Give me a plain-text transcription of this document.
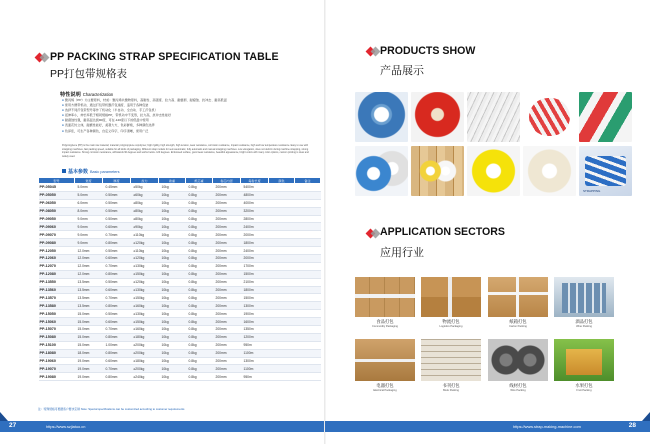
PP PACKING STRAP SPECIFICATION TABLE
PP打包带规格表
特性说明 Characterization
●聚丙烯（PP）为主要原料，材质：聚丙烯共聚物原料，高刚性、高强度、拉力高、耐磨损、耐腐蚀、抗冲击、耐高低温
●使用方便带机动，通过打包带机器打包速度、适用于各种包装
●选择不同打包带型号等作了机动化（半自动、全自动、手工打包机）
●延伸率小，伸长率低于相同规格PP，带机动中不变形，拉力高，抗冲击性能好
●耐腐蚀性强，耐高温达到90度，可在-120度以下的低温中使用
●表面花纹立体，耐磨性能好，美观大方，色彩鲜艳，多种颜色选择
●色泽佳，可生产各种颜色，自定义印字，印字清晰，使用广泛
Polypropylene (PP) is the main raw material; material: polypropylene copolymer, high rigidity, high strength, high tension, wear resistance, corrosion resistance, impact resistance, high and low temperature resistance. Easy to use with strapping machines, fast packing speed, suitable for all kinds of packaging. Different strap models for semi-automatic, fully automatic and manual strapping machines. Low elongation, does not deform during machine strapping, strong impact resistance. Strong corrosion resistance, withstands 90 degrees and works below -120 degrees. Embossed surface, good wear resistance, beautiful appearance, bright colors with many color options, custom printing is clear and widely used.
基本参数 Basic parameters
型号	宽度	厚度	拉力	卷重	纸芯重	卷芯内径	每卷长度	颜色	备注
PP-05045	5.0mm	0.45mm	≥50kg	10kg	0.8kg	200mm	5400m		
PP-05050	5.0mm	0.50mm	≥60kg	10kg	0.8kg	200mm	4800m		
PP-06050	6.0mm	0.50mm	≥80kg	10kg	0.8kg	200mm	4000m		
PP-08050	8.0mm	0.50mm	≥80kg	10kg	0.8kg	200mm	3200m		
PP-09050	9.0mm	0.50mm	≥80kg	10kg	0.8kg	200mm	2800m		
PP-09060	9.0mm	0.60mm	≥90kg	10kg	0.8kg	200mm	2400m		
PP-09070	9.0mm	0.70mm	≥110kg	10kg	0.8kg	200mm	2000m		
PP-09080	9.0mm	0.80mm	≥120kg	10kg	0.8kg	200mm	1800m		
PP-12050	12.0mm	0.50mm	≥110kg	10kg	0.8kg	200mm	2400m		
PP-12060	12.0mm	0.60mm	≥120kg	10kg	0.8kg	200mm	2000m		
PP-12070	12.0mm	0.70mm	≥130kg	10kg	0.8kg	200mm	1700m		
PP-12080	12.0mm	0.80mm	≥150kg	10kg	0.8kg	200mm	1500m		
PP-13550	13.5mm	0.50mm	≥120kg	10kg	0.8kg	200mm	2100m		
PP-13560	13.5mm	0.60mm	≥130kg	10kg	0.8kg	200mm	1800m		
PP-13570	13.5mm	0.70mm	≥150kg	10kg	0.8kg	200mm	1500m		
PP-13580	13.5mm	0.80mm	≥160kg	10kg	0.8kg	200mm	1300m		
PP-15050	15.0mm	0.50mm	≥130kg	10kg	0.8kg	200mm	1900m		
PP-15060	15.0mm	0.60mm	≥150kg	10kg	0.8kg	200mm	1600m		
PP-15070	15.0mm	0.70mm	≥160kg	10kg	0.8kg	200mm	1350m		
PP-15080	15.0mm	0.80mm	≥180kg	10kg	0.8kg	200mm	1200m		
PP-15100	15.0mm	1.00mm	≥200kg	10kg	0.8kg	200mm	950m		
PP-18080	18.0mm	0.80mm	≥200kg	10kg	0.8kg	200mm	1100m		
PP-19060	19.0mm	0.60mm	≥180kg	10kg	0.8kg	200mm	1300m		
PP-19070	19.0mm	0.70mm	≥200kg	10kg	0.8kg	200mm	1100m		
PP-19080	19.0mm	0.80mm	≥240kg	10kg	0.8kg	200mm	950m		
注：特殊规格可根据客户要求定制 Note: Special specifications can be customized according to customer requirements
27	https://www.szjiatuo.cn
PRODUCTS SHOW
产品展示
STRAPPING
APPLICATION SECTORS
应用行业
食品打包
Commodity Packaging
物流打包
Logistics Packaging
纸箱打包
Carton Packing
酒品打包
Wine Packing
电器打包
Electrical Packaging
书刊打包
Book Packing
线材打包
Wire Packing
水果打包
Fruit Packing
https://www.strap-making-machine.com	28
